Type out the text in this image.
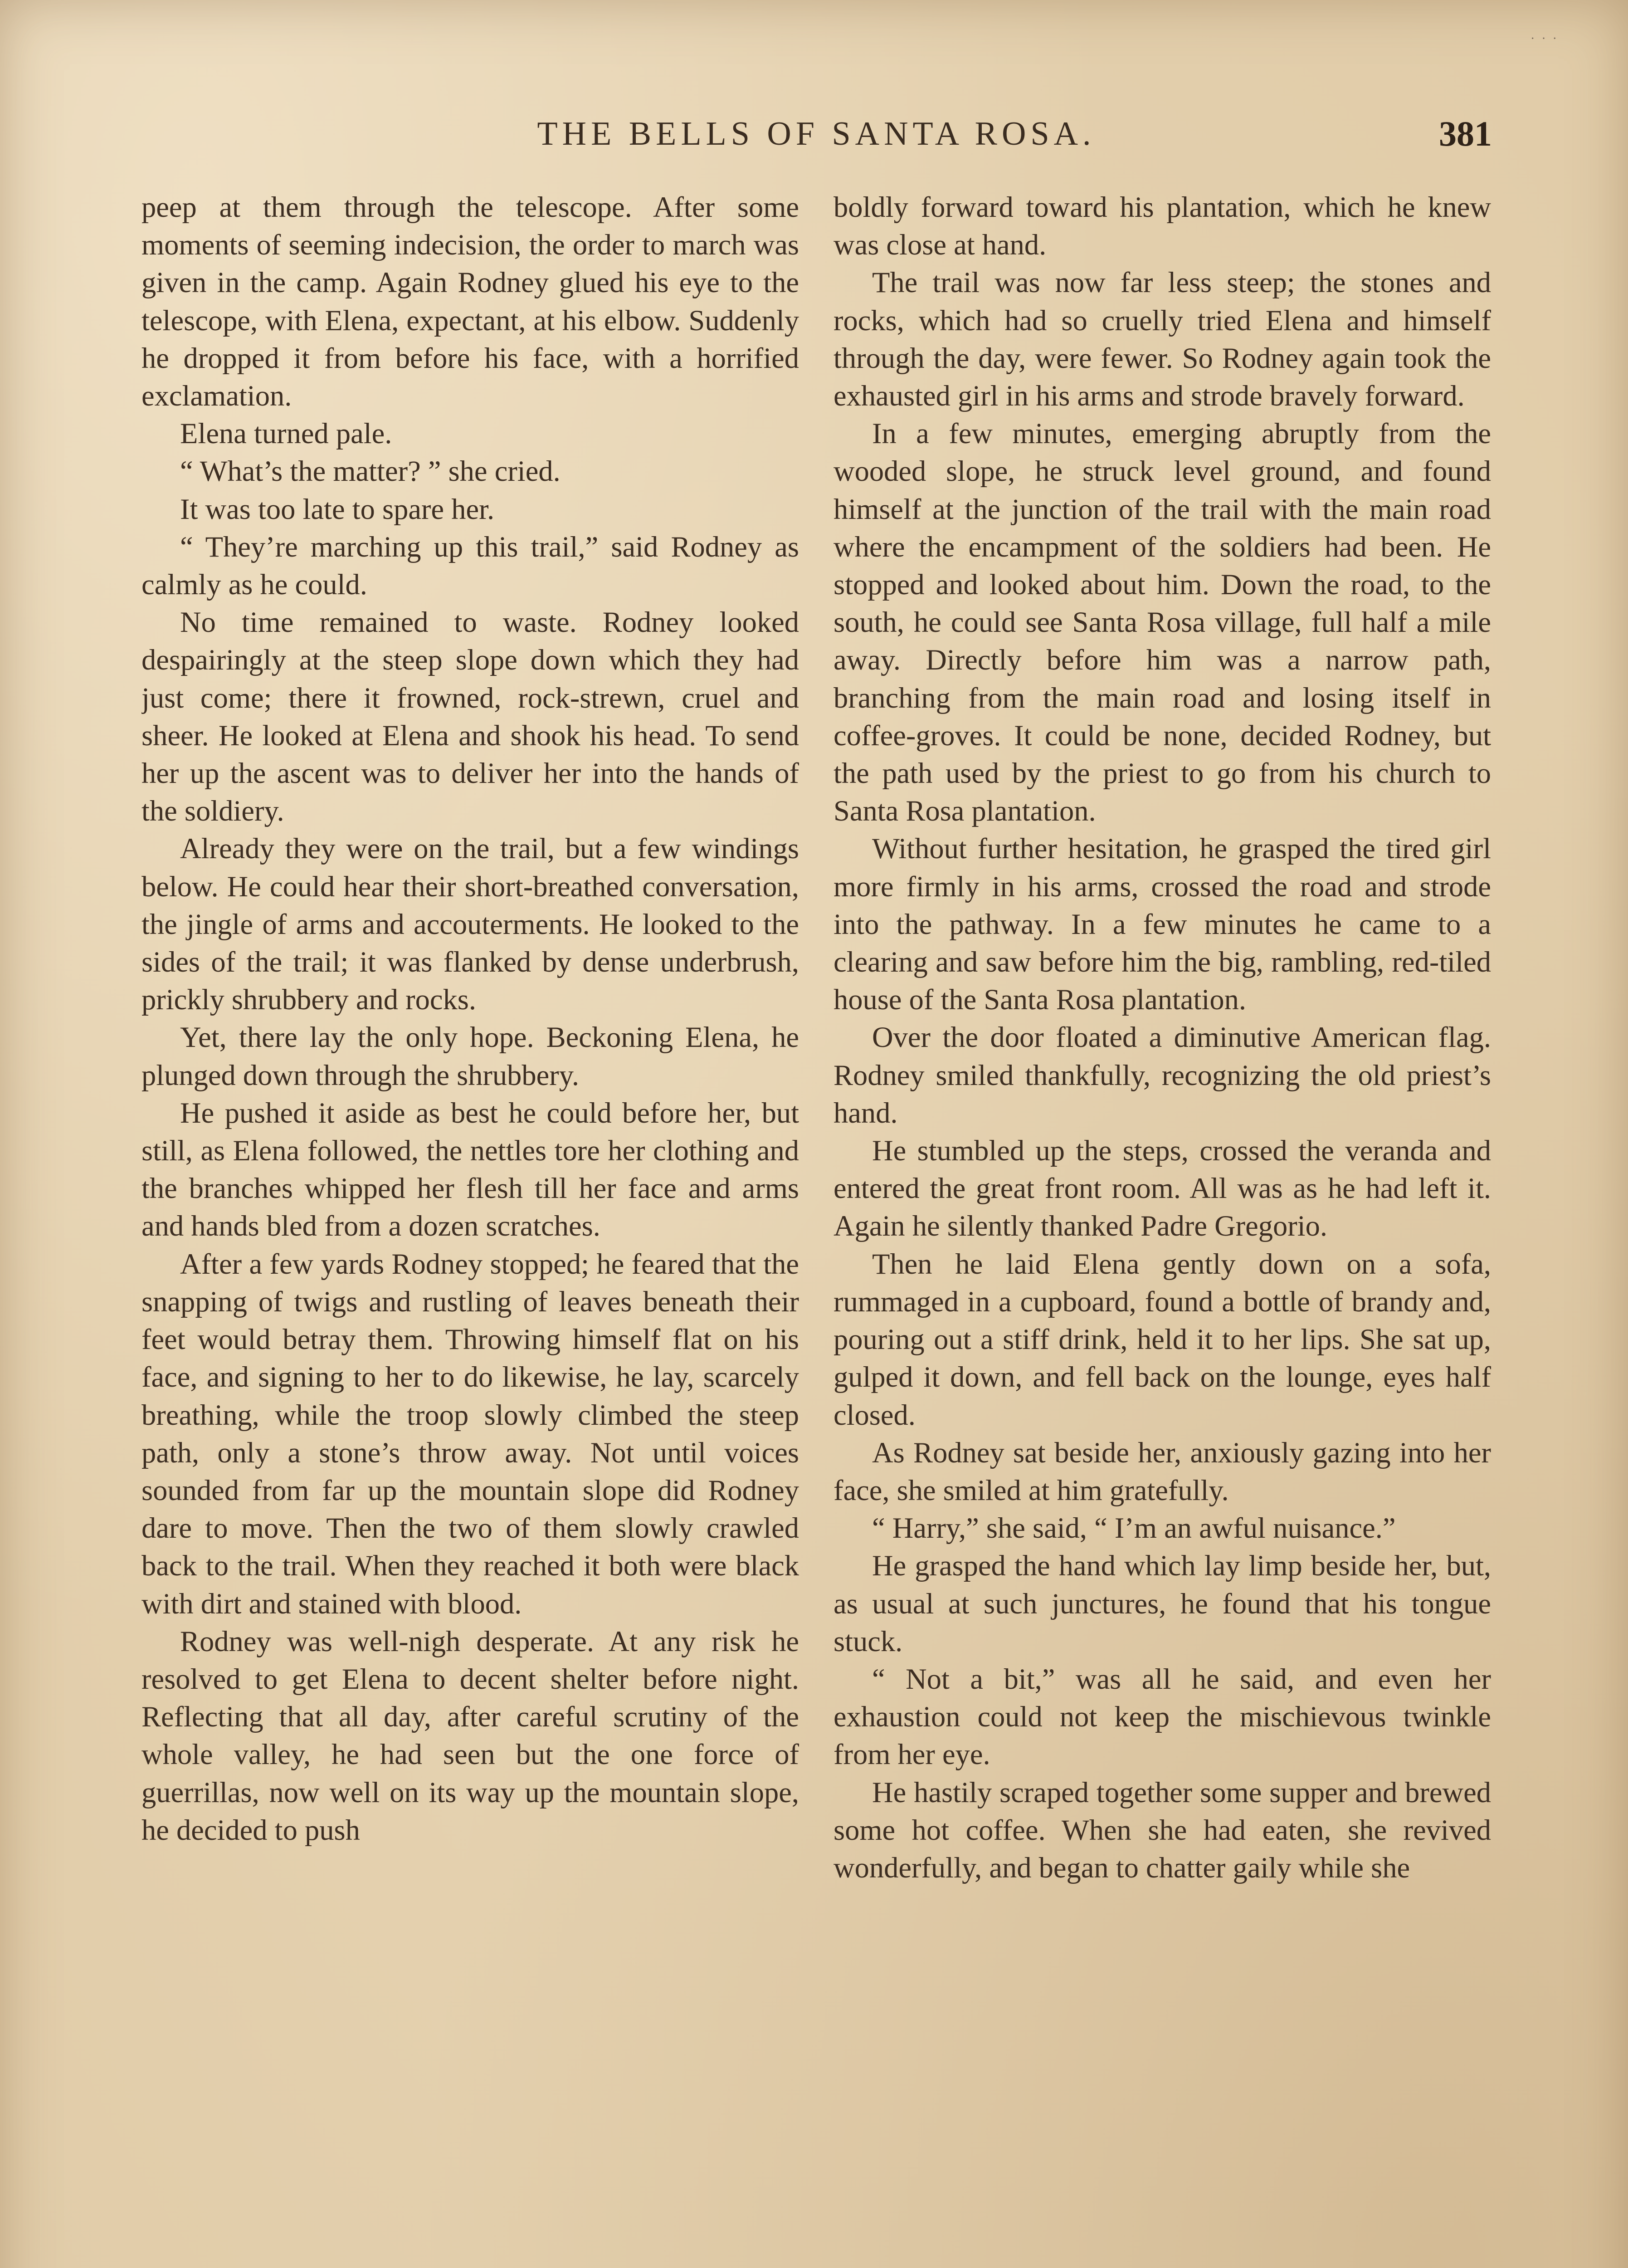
· · ·
THE BELLS OF SANTA ROSA.	381

peep at them through the telescope. After some moments of seeming indecision, the order to march was given in the camp. Again Rodney glued his eye to the telescope, with Elena, expectant, at his elbow. Suddenly he dropped it from before his face, with a horrified exclamation.

Elena turned pale.

“ What’s the matter? ” she cried.

It was too late to spare her.

“ They’re marching up this trail,” said Rodney as calmly as he could.

No time remained to waste. Rodney looked despairingly at the steep slope down which they had just come; there it frowned, rock-strewn, cruel and sheer. He looked at Elena and shook his head. To send her up the ascent was to deliver her into the hands of the soldiery.

Already they were on the trail, but a few windings below. He could hear their short-breathed conversation, the jingle of arms and accouterments. He looked to the sides of the trail; it was flanked by dense underbrush, prickly shrubbery and rocks.

Yet, there lay the only hope. Beckoning Elena, he plunged down through the shrubbery.

He pushed it aside as best he could before her, but still, as Elena followed, the nettles tore her clothing and the branches whipped her flesh till her face and arms and hands bled from a dozen scratches.

After a few yards Rodney stopped; he feared that the snapping of twigs and rustling of leaves beneath their feet would betray them. Throwing himself flat on his face, and signing to her to do likewise, he lay, scarcely breathing, while the troop slowly climbed the steep path, only a stone’s throw away. Not until voices sounded from far up the mountain slope did Rodney dare to move. Then the two of them slowly crawled back to the trail. When they reached it both were black with dirt and stained with blood.

Rodney was well-nigh desperate. At any risk he resolved to get Elena to decent shelter before night. Reflecting that all day, after careful scrutiny of the whole valley, he had seen but the one force of guerrillas, now well on its way up the mountain slope, he decided to push

boldly forward toward his plantation, which he knew was close at hand.

The trail was now far less steep; the stones and rocks, which had so cruelly tried Elena and himself through the day, were fewer. So Rodney again took the exhausted girl in his arms and strode bravely forward.

In a few minutes, emerging abruptly from the wooded slope, he struck level ground, and found himself at the junction of the trail with the main road where the encampment of the soldiers had been. He stopped and looked about him. Down the road, to the south, he could see Santa Rosa village, full half a mile away. Directly before him was a narrow path, branching from the main road and losing itself in coffee-groves. It could be none, decided Rodney, but the path used by the priest to go from his church to Santa Rosa plantation.

Without further hesitation, he grasped the tired girl more firmly in his arms, crossed the road and strode into the pathway. In a few minutes he came to a clearing and saw before him the big, rambling, red-tiled house of the Santa Rosa plantation.

Over the door floated a diminutive American flag. Rodney smiled thankfully, recognizing the old priest’s hand.

He stumbled up the steps, crossed the veranda and entered the great front room. All was as he had left it. Again he silently thanked Padre Gregorio.

Then he laid Elena gently down on a sofa, rummaged in a cupboard, found a bottle of brandy and, pouring out a stiff drink, held it to her lips. She sat up, gulped it down, and fell back on the lounge, eyes half closed.

As Rodney sat beside her, anxiously gazing into her face, she smiled at him gratefully.

“ Harry,” she said, “ I’m an awful nuisance.”

He grasped the hand which lay limp beside her, but, as usual at such junctures, he found that his tongue stuck.

“ Not a bit,” was all he said, and even her exhaustion could not keep the mischievous twinkle from her eye.

He hastily scraped together some supper and brewed some hot coffee. When she had eaten, she revived wonderfully, and began to chatter gaily while she
